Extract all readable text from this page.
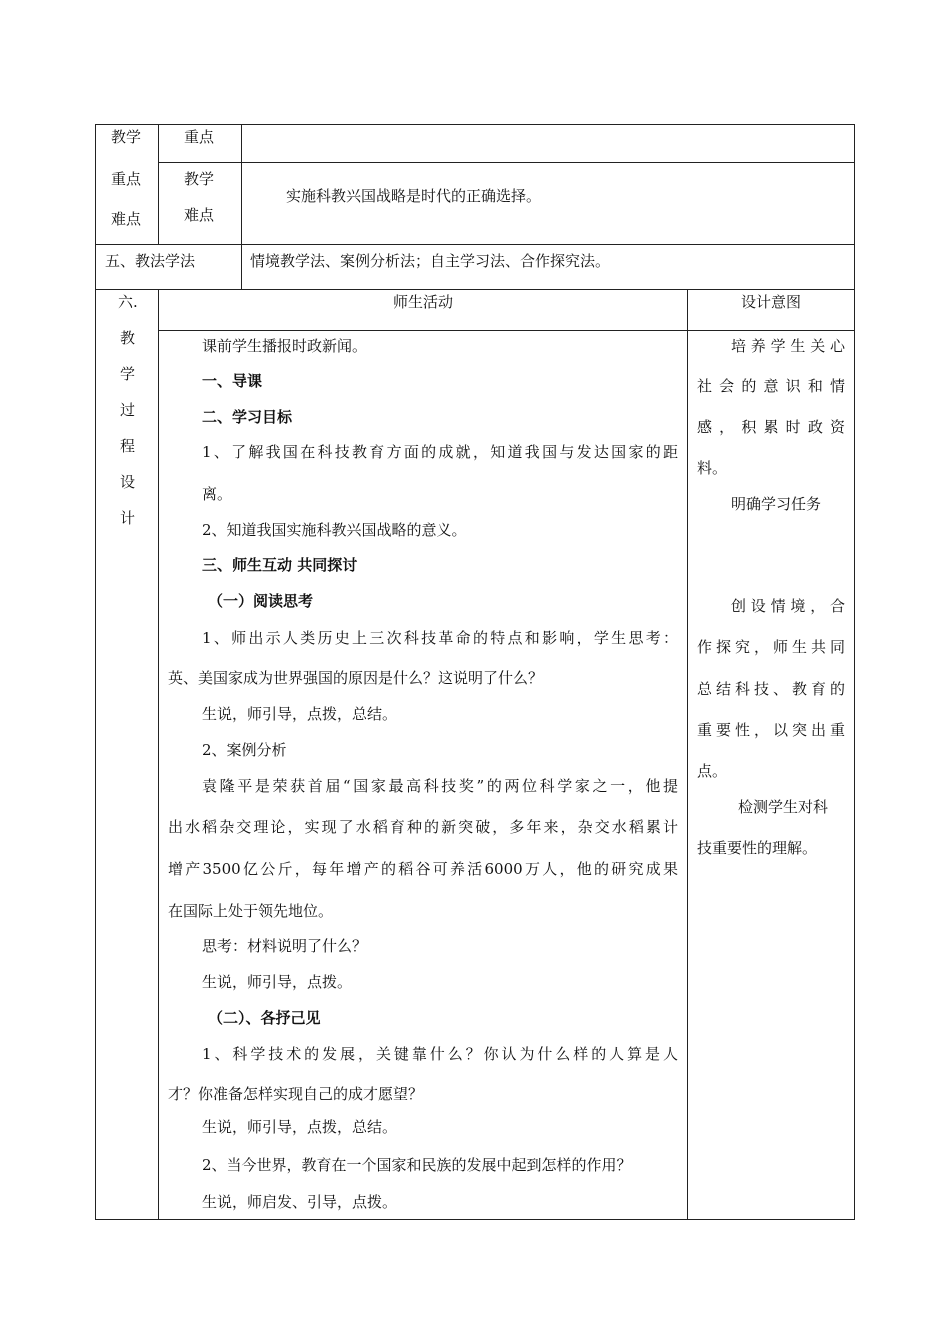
教学
重点
难点
重点
教学
难点
实施科教兴国战略是时代的正确选择。
五、教法学法	情境教学法、案例分析法；自主学习法、合作探究法。
六.
教
学
过
程
设
计
师生活动	设计意图
课前学生播报时政新闻。
一、导课
二、学习目标
1、了解我国在科技教育方面的成就，知道我国与发达国家的距
离。
2、知道我国实施科教兴国战略的意义。
三、师生互动 共同探讨
（一）阅读思考
1、师出示人类历史上三次科技革命的特点和影响，学生思考：
英、美国家成为世界强国的原因是什么？这说明了什么？
生说，师引导，点拨，总结。
2、案例分析
袁隆平是荣获首届“国家最高科技奖”的两位科学家之一，他提
出水稻杂交理论，实现了水稻育种的新突破，多年来，杂交水稻累计
增产3500亿公斤，每年增产的稻谷可养活6000万人，他的研究成果
在国际上处于领先地位。
思考：材料说明了什么？
生说，师引导，点拨。
（二）、各抒己见
1、科学技术的发展，关键靠什么？你认为什么样的人算是人
才？你准备怎样实现自己的成才愿望？
生说，师引导，点拨，总结。
2、当今世界，教育在一个国家和民族的发展中起到怎样的作用？
生说，师启发、引导，点拨。
培养学生关心
社会的意识和情
感，积累时政资
料。
明确学习任务
创设情境，合
作探究，师生共同
总结科技、教育的
重要性，以突出重
点。
检测学生对科
技重要性的理解。
